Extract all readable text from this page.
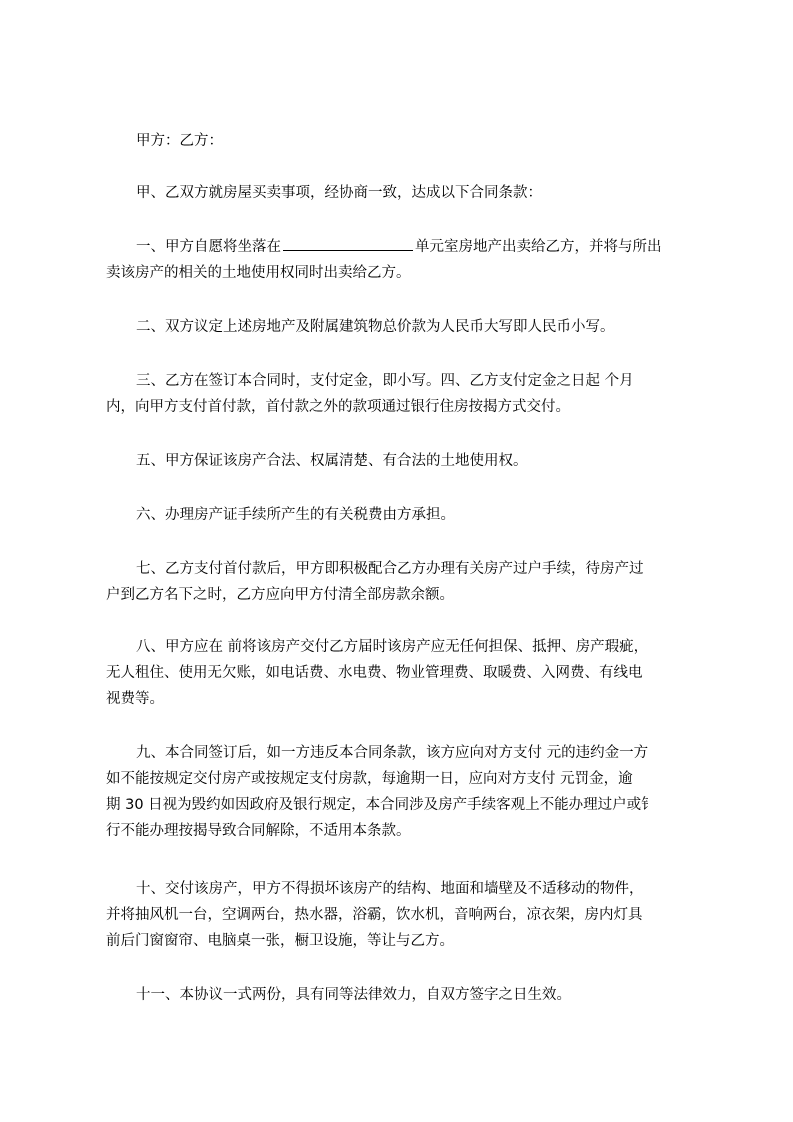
甲方：乙方：

甲、乙双方就房屋买卖事项，经协商一致，达成以下合同条款：

一、甲方自愿将坐落在	单元室房地产出卖给乙方，并将与所出
卖该房产的相关的土地使用权同时出卖给乙方。

二、双方议定上述房地产及附属建筑物总价款为人民币大写即人民币小写。

三、乙方在签订本合同时，支付定金，即小写。四、乙方支付定金之日起 个月
内，向甲方支付首付款，首付款之外的款项通过银行住房按揭方式交付。

五、甲方保证该房产合法、权属清楚、有合法的土地使用权。

六、办理房产证手续所产生的有关税费由方承担。

七、乙方支付首付款后，甲方即积极配合乙方办理有关房产过户手续，待房产过
户到乙方名下之时，乙方应向甲方付清全部房款余额。

八、甲方应在 前将该房产交付乙方届时该房产应无任何担保、抵押、房产瑕疵，
无人租住、使用无欠账，如电话费、水电费、物业管理费、取暖费、入网费、有线电
视费等。

九、本合同签订后，如一方违反本合同条款，该方应向对方支付 元的违约金一方
如不能按规定交付房产或按规定支付房款，每逾期一日，应向对方支付 元罚金，逾
期 30 日视为毁约如因政府及银行规定，本合同涉及房产手续客观上不能办理过户或钅
行不能办理按揭导致合同解除，不适用本条款。

十、交付该房产，甲方不得损坏该房产的结构、地面和墙壁及不适移动的物件，
并将抽风机一台，空调两台，热水器，浴霸，饮水机，音响两台，凉衣架，房内灯具
前后门窗窗帘、电脑桌一张，橱卫设施，等让与乙方。

十一、本协议一式两份，具有同等法律效力，自双方签字之日生效。
